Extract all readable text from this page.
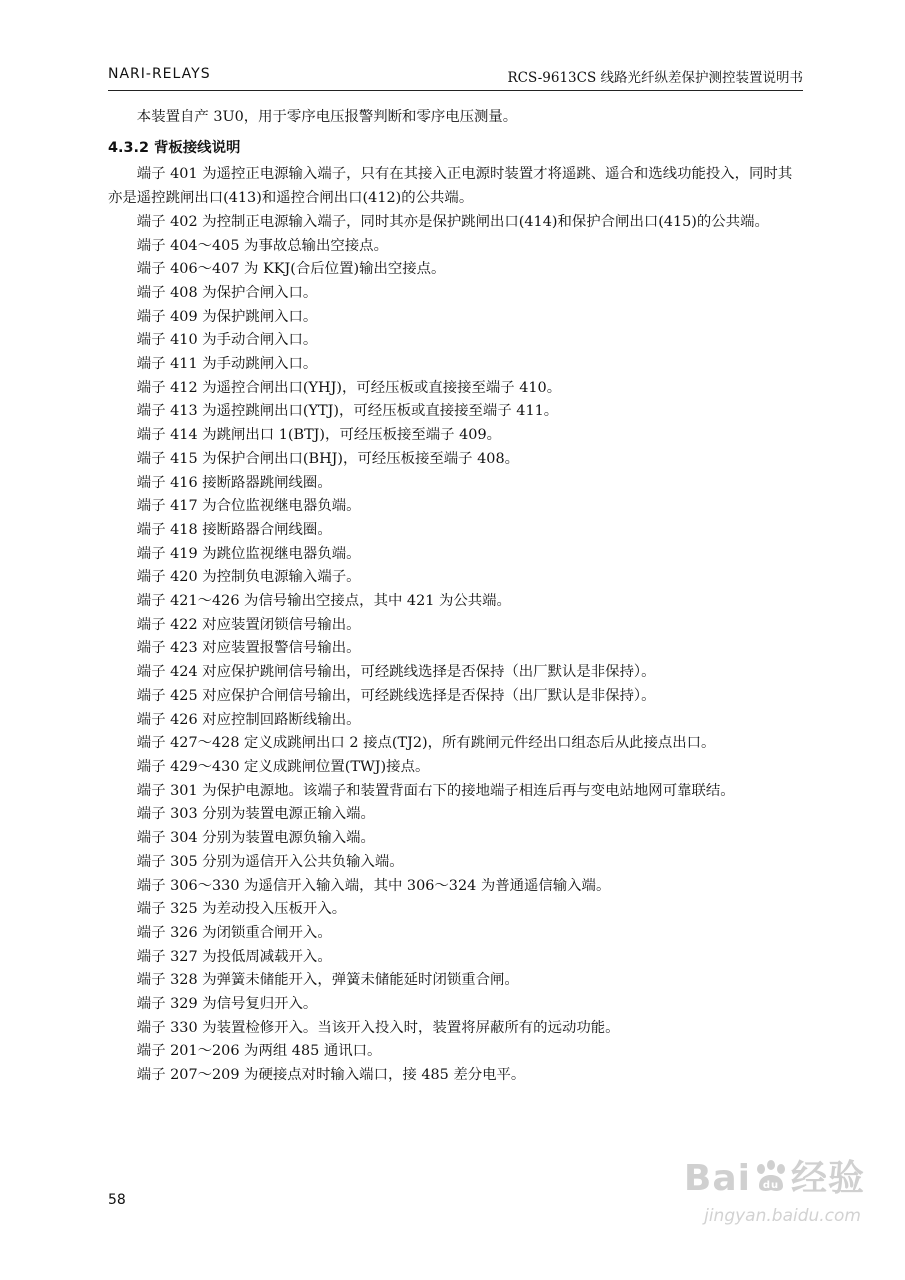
NARI-RELAYS	RCS-9613CS 线路光纤纵差保护测控装置说明书

本装置自产 3U0，用于零序电压报警判断和零序电压测量。

4.3.2 背板接线说明

端子 401 为遥控正电源输入端子，只有在其接入正电源时装置才将遥跳、遥合和选线功能投入，同时其亦是遥控跳闸出口(413)和遥控合闸出口(412)的公共端。

端子 402 为控制正电源输入端子，同时其亦是保护跳闸出口(414)和保护合闸出口(415)的公共端。

端子 404～405 为事故总输出空接点。

端子 406～407 为 KKJ(合后位置)输出空接点。

端子 408 为保护合闸入口。

端子 409 为保护跳闸入口。

端子 410 为手动合闸入口。

端子 411 为手动跳闸入口。

端子 412 为遥控合闸出口(YHJ)，可经压板或直接接至端子 410。

端子 413 为遥控跳闸出口(YTJ)，可经压板或直接接至端子 411。

端子 414 为跳闸出口 1(BTJ)，可经压板接至端子 409。

端子 415 为保护合闸出口(BHJ)，可经压板接至端子 408。

端子 416 接断路器跳闸线圈。

端子 417 为合位监视继电器负端。

端子 418 接断路器合闸线圈。

端子 419 为跳位监视继电器负端。

端子 420 为控制负电源输入端子。

端子 421～426 为信号输出空接点，其中 421 为公共端。

端子 422 对应装置闭锁信号输出。

端子 423 对应装置报警信号输出。

端子 424 对应保护跳闸信号输出，可经跳线选择是否保持（出厂默认是非保持）。

端子 425 对应保护合闸信号输出，可经跳线选择是否保持（出厂默认是非保持）。

端子 426 对应控制回路断线输出。

端子 427～428 定义成跳闸出口 2 接点(TJ2)，所有跳闸元件经出口组态后从此接点出口。

端子 429～430 定义成跳闸位置(TWJ)接点。

端子 301 为保护电源地。该端子和装置背面右下的接地端子相连后再与变电站地网可靠联结。

端子 303 分别为装置电源正输入端。

端子 304 分别为装置电源负输入端。

端子 305 分别为遥信开入公共负输入端。

端子 306～330 为遥信开入输入端，其中 306～324 为普通遥信输入端。

端子 325 为差动投入压板开入。

端子 326 为闭锁重合闸开入。

端子 327 为投低周减载开入。

端子 328 为弹簧未储能开入，弹簧未储能延时闭锁重合闸。

端子 329 为信号复归开入。

端子 330 为装置检修开入。当该开入投入时，装置将屏蔽所有的远动功能。

端子 201～206 为两组 485 通讯口。

端子 207～209 为硬接点对时输入端口，接 485 差分电平。

58
Bai du 经验
jingyan.baidu.com
